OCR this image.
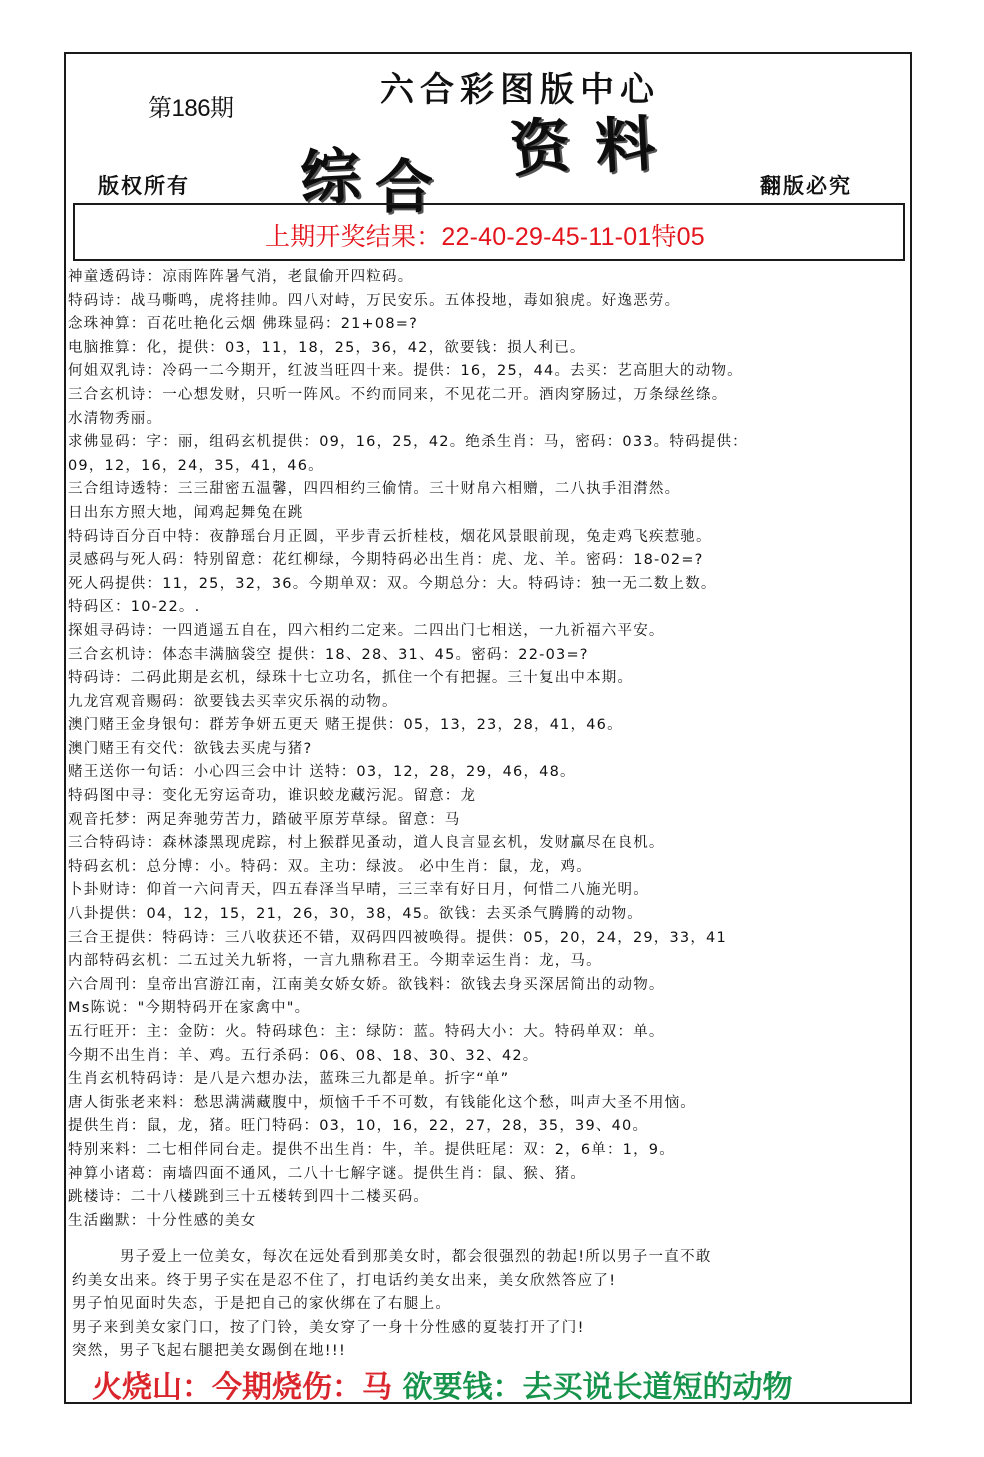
第186期	六合彩图版中心
综 合
资 料
版权所有	翻版必究
上期开奖结果：22-40-29-45-11-01特05
神童透码诗：凉雨阵阵暑气消，老鼠偷开四粒码。
特码诗：战马嘶鸣，虎将挂帅。四八对峙，万民安乐。五体投地，毒如狼虎。好逸恶劳。
念珠神算：百花吐艳化云烟 佛珠显码：21+08=?
电脑推算：化，提供：03，11，18，25，36，42，欲要钱：损人利已。
何姐双乳诗：冷码一二今期开，红波当旺四十来。提供：16，25，44。去买：艺高胆大的动物。
三合玄机诗：一心想发财，只听一阵风。不约而同来，不见花二开。酒肉穿肠过，万条绿丝绦。
水清物秀丽。
求佛显码：字：丽，组码玄机提供：09，16，25，42。绝杀生肖：马，密码：033。特码提供：
09，12，16，24，35，41，46。
三合组诗透特：三三甜密五温馨，四四相约三偷情。三十财帛六相赠，二八执手泪潸然。
日出东方照大地，闻鸡起舞兔在跳
特码诗百分百中特：夜静瑶台月正圆，平步青云折桂枝，烟花风景眼前现，兔走鸡飞疾惹驰。
灵感码与死人码：特别留意：花红柳绿，今期特码必出生肖：虎、龙、羊。密码：18-02=?
死人码提供：11，25，32，36。今期单双：双。今期总分：大。特码诗：独一无二数上数。
特码区：10-22。.
探姐寻码诗：一四逍遥五自在，四六相约二定来。二四出门七相送，一九祈福六平安。
三合玄机诗：体态丰满脑袋空 提供：18、28、31、45。密码：22-03=?
特码诗：二码此期是玄机，绿珠十七立功名，抓住一个有把握。三十复出中本期。
九龙宫观音赐码：欲要钱去买幸灾乐祸的动物。
澳门赌王金身银句：群芳争妍五更天 赌王提供：05，13，23，28，41，46。
澳门赌王有交代：欲钱去买虎与猪?
赌王送你一句话：小心四三会中计 送特：03，12，28，29，46，48。
特码图中寻：变化无穷运奇功，谁识蛟龙藏污泥。留意：龙
观音托梦：两足奔驰劳苦力，踏破平原芳草绿。留意：马
三合特码诗：森林漆黑现虎踪，村上猴群见蚤动，道人良言显玄机，发财赢尽在良机。
特码玄机：总分博：小。特码：双。主功：绿波。 必中生肖：鼠，龙，鸡。
卜卦财诗：仰首一六问青天，四五春泽当早晴，三三幸有好日月，何惜二八施光明。
八卦提供：04，12，15，21，26，30，38，45。欲钱：去买杀气腾腾的动物。
三合王提供：特码诗：三八收获还不错，双码四四被唤得。提供：05，20，24，29，33，41
内部特码玄机：二五过关九斩将，一言九鼎称君王。今期幸运生肖：龙，马。
六合周刊：皇帝出宫游江南，江南美女娇女娇。欲钱料：欲钱去身买深居简出的动物。
Ms陈说："今期特码开在家禽中"。
五行旺开：主：金防：火。特码球色：主：绿防：蓝。特码大小：大。特码单双：单。
今期不出生肖：羊、鸡。五行杀码：06、08、18、30、32、42。
生肖玄机特码诗：是八是六想办法，蓝珠三九都是单。折字“单”
唐人街张老来料：愁思满满藏腹中，烦恼千千不可数，有钱能化这个愁，叫声大圣不用恼。
提供生肖：鼠，龙，猪。旺门特码：03，10，16，22，27，28，35，39、40。
特别来料：二七相伴同台走。提供不出生肖：牛，羊。提供旺尾：双：2，6单：1，9。
神算小诸葛：南墙四面不通风，二八十七解字谜。提供生肖：鼠、猴、猪。
跳楼诗：二十八楼跳到三十五楼转到四十二楼买码。
生活幽默：十分性感的美女
男子爱上一位美女，每次在远处看到那美女时，都会很强烈的勃起!所以男子一直不敢
约美女出来。终于男子实在是忍不住了，打电话约美女出来，美女欣然答应了!
男子怕见面时失态，于是把自己的家伙绑在了右腿上。
男子来到美女家门口，按了门铃，美女穿了一身十分性感的夏装打开了门!
突然，男子飞起右腿把美女踢倒在地!!!
火烧山：今期烧伤：马 欲要钱：去买说长道短的动物
